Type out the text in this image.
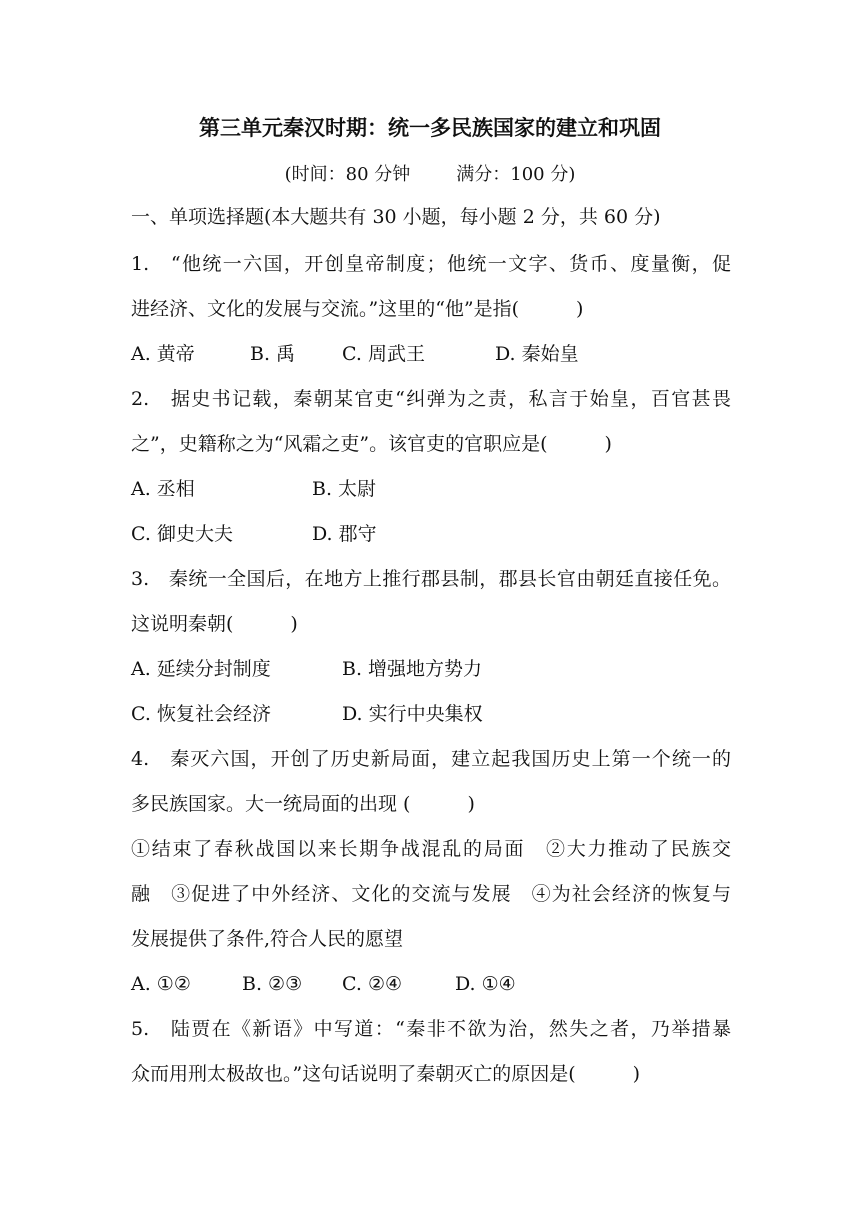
第三单元秦汉时期：统一多民族国家的建立和巩固
(时间：80 分钟	满分：100 分)
一、单项选择题(本大题共有 30 小题，每小题 2 分，共 60 分)
1.　“他统一六国，开创皇帝制度；他统一文字、货币、度量衡，促
进经济、文化的发展与交流。”这里的“他”是指(　　　)
A. 黄帝	B. 禹 C. 周武王	D. 秦始皇
2.　据史书记载，秦朝某官吏“纠弹为之责，私言于始皇，百官甚畏
之”，史籍称之为“风霜之吏”。该官吏的官职应是(　　　)
A. 丞相	B. 太尉
C. 御史大夫	D. 郡守
3.　秦统一全国后，在地方上推行郡县制，郡县长官由朝廷直接任免。
这说明秦朝(　　　)
A. 延续分封制度	B. 增强地方势力
C. 恢复社会经济	D. 实行中央集权
4.　秦灭六国，开创了历史新局面，建立起我国历史上第一个统一的
多民族国家。大一统局面的出现 (　　　)
①结束了春秋战国以来长期争战混乱的局面　②大力推动了民族交
融　③促进了中外经济、文化的交流与发展　④为社会经济的恢复与
发展提供了条件,符合人民的愿望
A. ①②	B. ②③ C. ②④	D. ①④
5.　陆贾在《新语》中写道：“秦非不欲为治，然失之者，乃举措暴
众而用刑太极故也。”这句话说明了秦朝灭亡的原因是(　　　)
